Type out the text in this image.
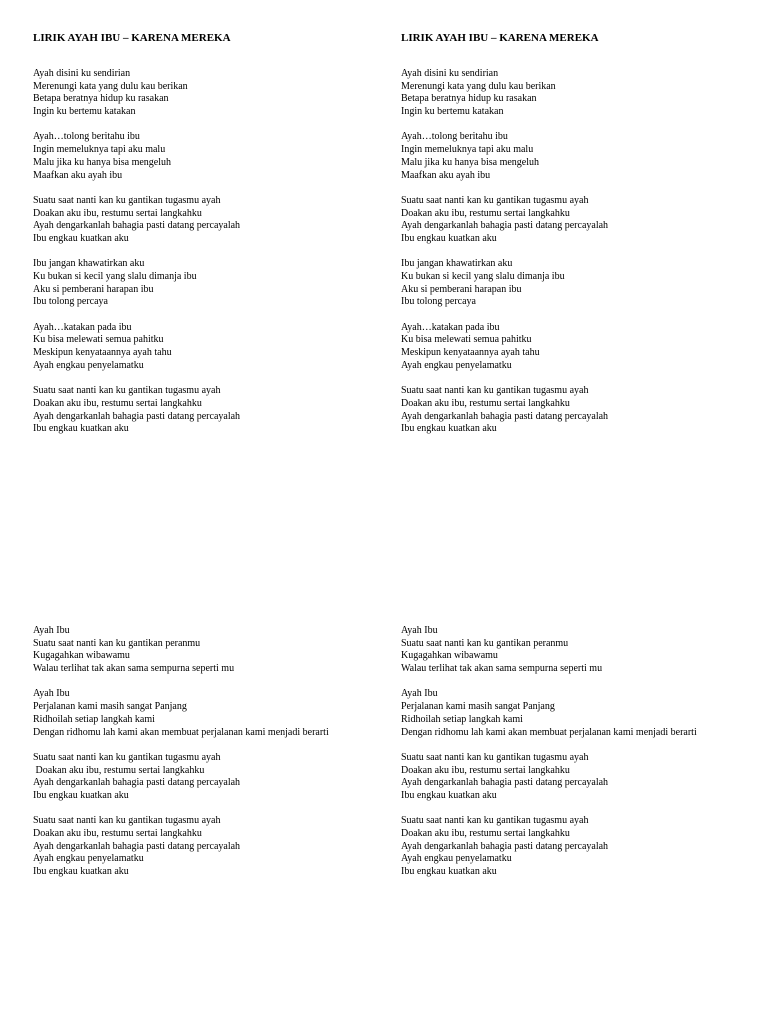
LIRIK AYAH IBU – KARENA MEREKA
Ayah disini ku sendirian
Merenungi kata yang dulu kau berikan
Betapa beratnya hidup ku rasakan
Ingin ku bertemu katakan
Ayah…tolong beritahu ibu
Ingin memeluknya tapi aku malu
Malu jika ku hanya bisa mengeluh
Maafkan aku ayah ibu
Suatu saat nanti kan ku gantikan tugasmu ayah
Doakan aku ibu, restumu sertai langkahku
Ayah dengarkanlah bahagia pasti datang percayalah
Ibu engkau kuatkan aku
Ibu jangan khawatirkan aku
Ku bukan si kecil yang slalu dimanja ibu
Aku si pemberani harapan ibu
Ibu tolong percaya
Ayah…katakan pada ibu
Ku bisa melewati semua pahitku
Meskipun kenyataannya ayah tahu
Ayah engkau penyelamatku
Suatu saat nanti kan ku gantikan tugasmu ayah
Doakan aku ibu, restumu sertai langkahku
Ayah dengarkanlah bahagia pasti datang percayalah
Ibu engkau kuatkan aku
LIRIK AYAH IBU – KARENA MEREKA
Ayah disini ku sendirian
Merenungi kata yang dulu kau berikan
Betapa beratnya hidup ku rasakan
Ingin ku bertemu katakan
Ayah…tolong beritahu ibu
Ingin memeluknya tapi aku malu
Malu jika ku hanya bisa mengeluh
Maafkan aku ayah ibu
Suatu saat nanti kan ku gantikan tugasmu ayah
Doakan aku ibu, restumu sertai langkahku
Ayah dengarkanlah bahagia pasti datang percayalah
Ibu engkau kuatkan aku
Ibu jangan khawatirkan aku
Ku bukan si kecil yang slalu dimanja ibu
Aku si pemberani harapan ibu
Ibu tolong percaya
Ayah…katakan pada ibu
Ku bisa melewati semua pahitku
Meskipun kenyataannya ayah tahu
Ayah engkau penyelamatku
Suatu saat nanti kan ku gantikan tugasmu ayah
Doakan aku ibu, restumu sertai langkahku
Ayah dengarkanlah bahagia pasti datang percayalah
Ibu engkau kuatkan aku
Ayah Ibu
Suatu saat nanti kan ku gantikan peranmu
Kugagahkan wibawamu
Walau terlihat tak akan sama sempurna seperti mu
Ayah Ibu
Perjalanan kami masih sangat Panjang
Ridhoilah setiap langkah kami
Dengan ridhomu lah kami akan membuat perjalanan kami menjadi berarti
Suatu saat nanti kan ku gantikan tugasmu ayah
Doakan aku ibu, restumu sertai langkahku
Ayah dengarkanlah bahagia pasti datang percayalah
Ibu engkau kuatkan aku
Suatu saat nanti kan ku gantikan tugasmu ayah
Doakan aku ibu, restumu sertai langkahku
Ayah dengarkanlah bahagia pasti datang percayalah
Ayah engkau penyelamatku
Ibu engkau kuatkan aku
Ayah Ibu
Suatu saat nanti kan ku gantikan peranmu
Kugagahkan wibawamu
Walau terlihat tak akan sama sempurna seperti mu
Ayah Ibu
Perjalanan kami masih sangat Panjang
Ridhoilah setiap langkah kami
Dengan ridhomu lah kami akan membuat perjalanan kami menjadi berarti
Suatu saat nanti kan ku gantikan tugasmu ayah
Doakan aku ibu, restumu sertai langkahku
Ayah dengarkanlah bahagia pasti datang percayalah
Ibu engkau kuatkan aku
Suatu saat nanti kan ku gantikan tugasmu ayah
Doakan aku ibu, restumu sertai langkahku
Ayah dengarkanlah bahagia pasti datang percayalah
Ayah engkau penyelamatku
Ibu engkau kuatkan aku
